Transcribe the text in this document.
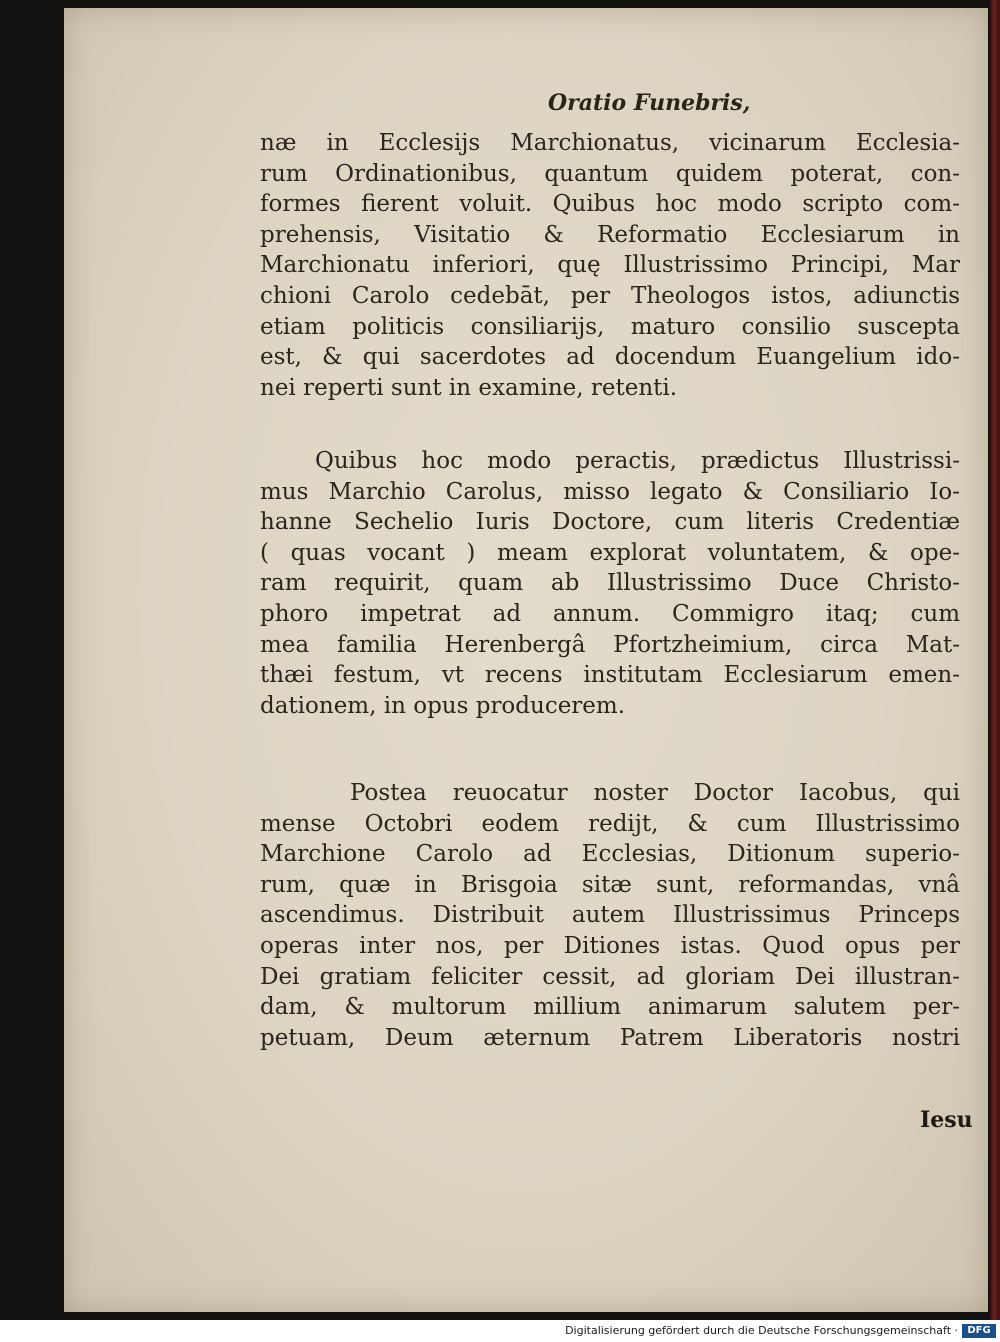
Oratio Funebris,
næ in Ecclesijs Marchionatus, vicinarum Ecclesia-
rum Ordinationibus, quantum quidem poterat, con-
formes fierent voluit. Quibus hoc modo scripto com-
prehensis, Visitatio & Reformatio Ecclesiarum in
Marchionatu inferiori, quę Illustrissimo Principi, Mar
chioni Carolo cedebāt, per Theologos istos, adiunctis
etiam politicis consiliarijs, maturo consilio suscepta
est, & qui sacerdotes ad docendum Euangelium ido-
nei reperti sunt in examine, retenti.
Quibus hoc modo peractis, prædictus Illustrissi-
mus Marchio Carolus, misso legato & Consiliario Io-
hanne Sechelio Iuris Doctore, cum literis Credentiæ
( quas vocant ) meam explorat voluntatem, & ope-
ram requirit, quam ab Illustrissimo Duce Christo-
phoro impetrat ad annum. Commigro itaq; cum
mea familia Herenbergâ Pfortzheimium, circa Mat-
thæi festum, vt recens institutam Ecclesiarum emen-
dationem, in opus producerem.
Postea reuocatur noster Doctor Iacobus, qui
mense Octobri eodem redijt, & cum Illustrissimo
Marchione Carolo ad Ecclesias, Ditionum superio-
rum, quæ in Brisgoia sitæ sunt, reformandas, vnâ
ascendimus. Distribuit autem Illustrissimus Princeps
operas inter nos, per Ditiones istas. Quod opus per
Dei gratiam feliciter cessit, ad gloriam Dei illustran-
dam, & multorum millium animarum salutem per-
petuam, Deum æternum Patrem Liberatoris nostri
Iesu
Digitalisierung gefördert durch die Deutsche Forschungsgemeinschaft · DFG
